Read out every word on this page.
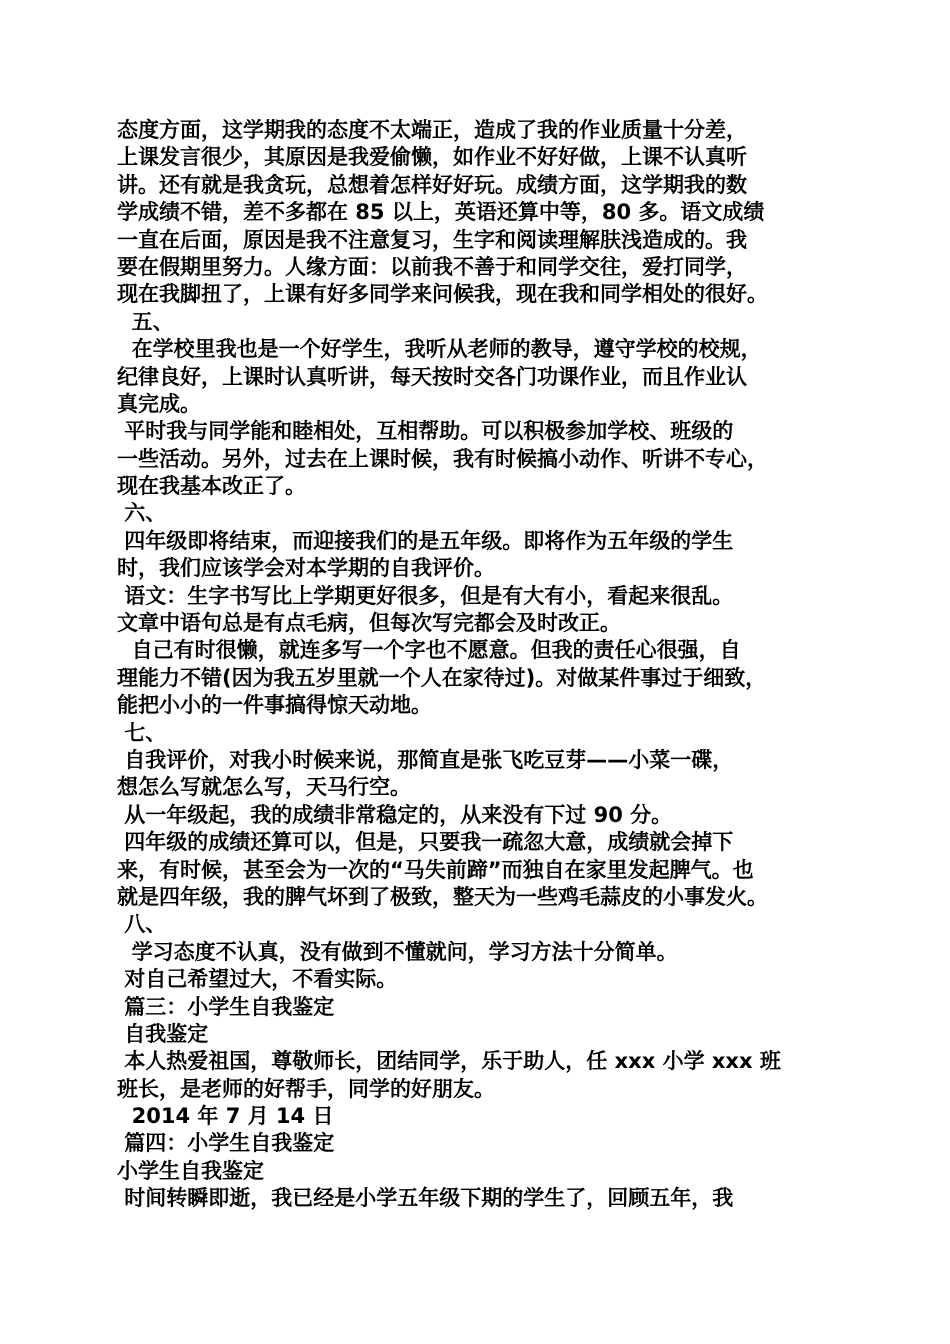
态度方面，这学期我的态度不太端正，造成了我的作业质量十分差，
上课发言很少，其原因是我爱偷懒，如作业不好好做，上课不认真听
讲。还有就是我贪玩，总想着怎样好好玩。成绩方面，这学期我的数
学成绩不错，差不多都在 85 以上，英语还算中等，80 多。语文成绩
一直在后面，原因是我不注意复习，生字和阅读理解肤浅造成的。我
要在假期里努力。人缘方面：以前我不善于和同学交往，爱打同学，
现在我脚扭了，上课有好多同学来问候我，现在我和同学相处的很好。
五、
在学校里我也是一个好学生，我听从老师的教导，遵守学校的校规，
纪律良好，上课时认真听讲，每天按时交各门功课作业，而且作业认
真完成。
平时我与同学能和睦相处，互相帮助。可以积极参加学校、班级的
一些活动。另外，过去在上课时候，我有时候搞小动作、听讲不专心，
现在我基本改正了。
六、
四年级即将结束，而迎接我们的是五年级。即将作为五年级的学生
时，我们应该学会对本学期的自我评价。
语文：生字书写比上学期更好很多，但是有大有小，看起来很乱。
文章中语句总是有点毛病，但每次写完都会及时改正。
自己有时很懒，就连多写一个字也不愿意。但我的责任心很强，自
理能力不错(因为我五岁里就一个人在家待过)。对做某件事过于细致，
能把小小的一件事搞得惊天动地。
七、
自我评价，对我小时候来说，那简直是张飞吃豆芽——小菜一碟，
想怎么写就怎么写，天马行空。
从一年级起，我的成绩非常稳定的，从来没有下过 90 分。
四年级的成绩还算可以，但是，只要我一疏忽大意，成绩就会掉下
来，有时候，甚至会为一次的“马失前蹄”而独自在家里发起脾气。也
就是四年级，我的脾气坏到了极致，整天为一些鸡毛蒜皮的小事发火。
八、
学习态度不认真，没有做到不懂就问，学习方法十分简单。
对自己希望过大，不看实际。
篇三：小学生自我鉴定
自我鉴定
本人热爱祖国，尊敬师长，团结同学，乐于助人，任 xxx 小学 xxx 班
班长，是老师的好帮手，同学的好朋友。
2014 年 7 月 14 日
篇四：小学生自我鉴定
小学生自我鉴定
时间转瞬即逝，我已经是小学五年级下期的学生了，回顾五年，我
